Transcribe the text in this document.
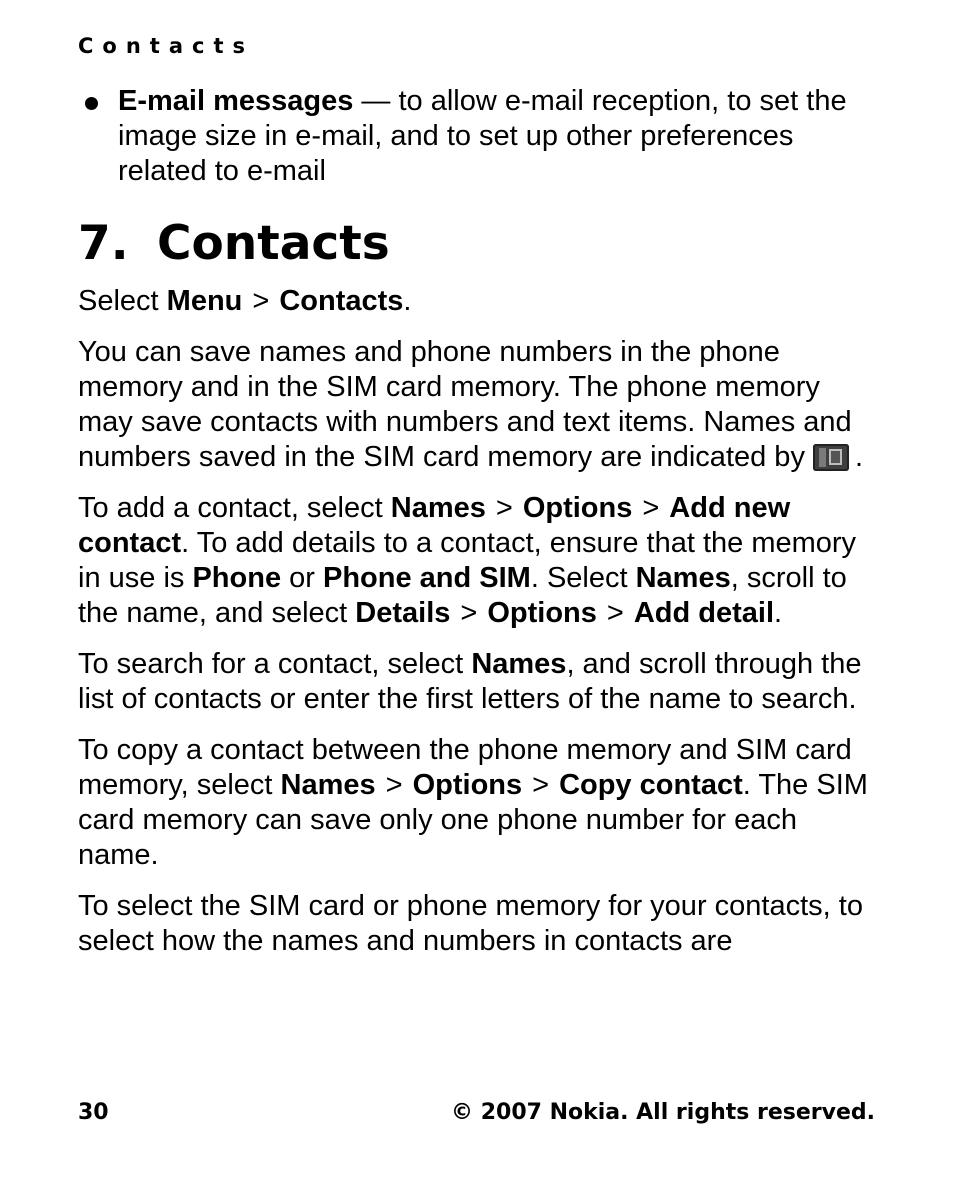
Contacts
E-mail messages — to allow e-mail reception, to set the image size in e-mail, and to set up other preferences related to e-mail
7. Contacts

Select Menu > Contacts.

You can save names and phone numbers in the phone memory and in the SIM card memory. The phone memory may save contacts with numbers and text items. Names and numbers saved in the SIM card memory are indicated by .

To add a contact, select Names > Options > Add new contact. To add details to a contact, ensure that the memory in use is Phone or Phone and SIM. Select Names, scroll to the name, and select Details > Options > Add detail.

To search for a contact, select Names, and scroll through the list of contacts or enter the first letters of the name to search.

To copy a contact between the phone memory and SIM card memory, select Names > Options > Copy contact. The SIM card memory can save only one phone number for each name.

To select the SIM card or phone memory for your contacts, to select how the names and numbers in contacts are

30	© 2007 Nokia. All rights reserved.
